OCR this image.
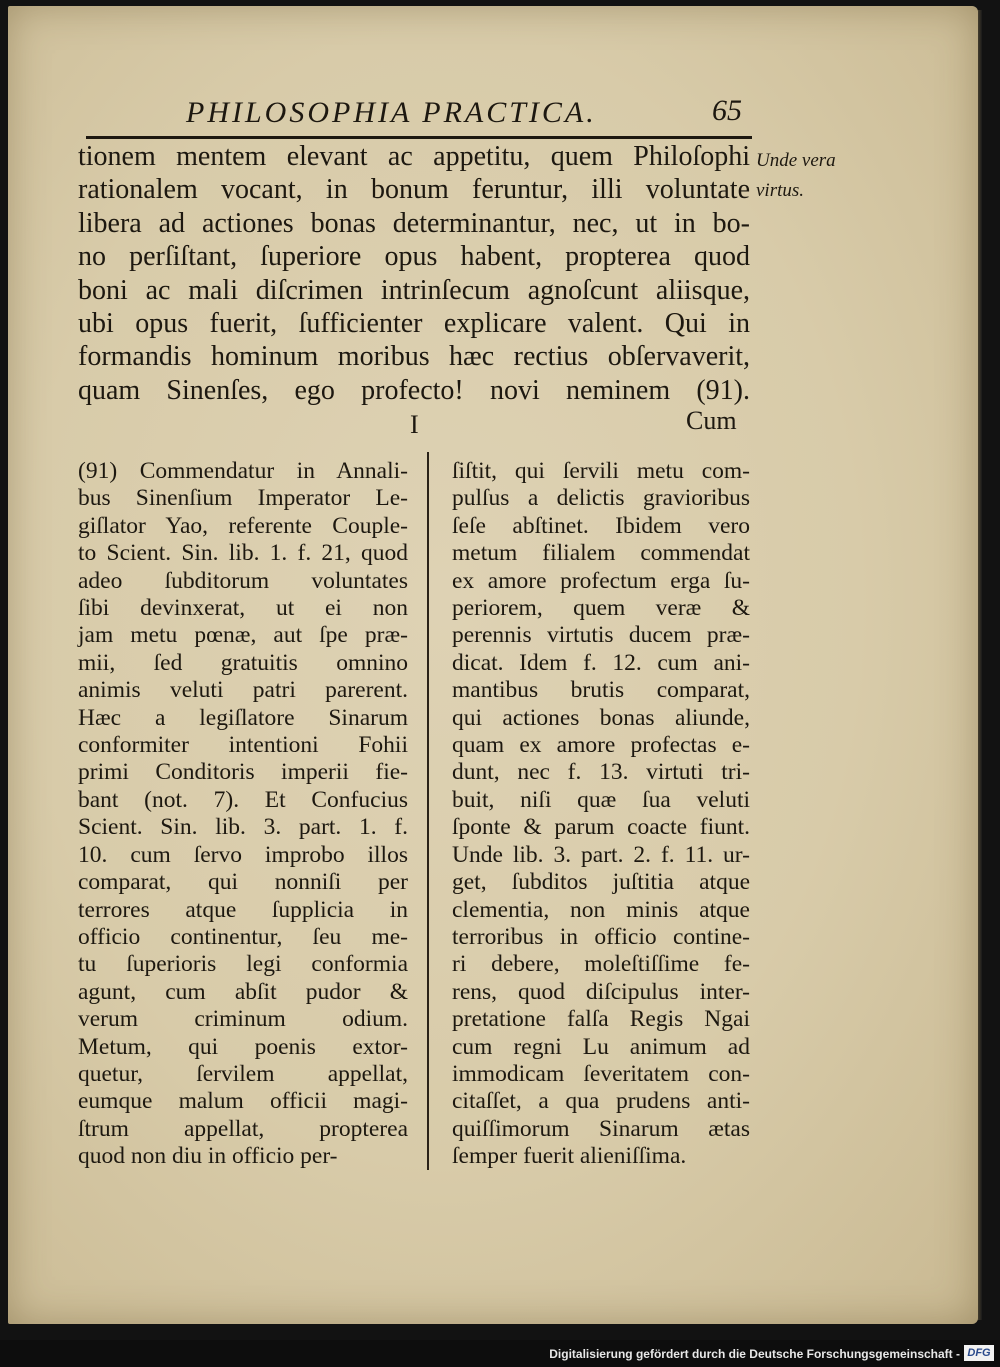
PHILOSOPHIA PRACTICA.	65
tionem mentem elevant ac appetitu, quem Philoſophi
rationalem vocant, in bonum feruntur, illi voluntate
libera ad actiones bonas determinantur, nec, ut in bo-
no perſiſtant, ſuperiore opus habent, propterea quod
boni ac mali diſcrimen intrinſecum agnoſcunt aliisque,
ubi opus fuerit, ſufficienter explicare valent. Qui in
formandis hominum moribus hæc rectius obſervaverit,
quam Sinenſes, ego profecto! novi neminem (91).
Unde vera
virtus.
I	Cum
(91) Commendatur in Annali-
bus Sinenſium Imperator Le-
giſlator Yao, referente Couple-
to Scient. Sin. lib. 1. f. 21, quod
adeo ſubditorum voluntates
ſibi devinxerat, ut ei non
jam metu pœnæ, aut ſpe præ-
mii, ſed gratuitis omnino
animis veluti patri parerent.
Hæc a legiſlatore Sinarum
conformiter intentioni Fohii
primi Conditoris imperii fie-
bant (not. 7). Et Confucius
Scient. Sin. lib. 3. part. 1. f.
10. cum ſervo improbo illos
comparat, qui nonniſi per
terrores atque ſupplicia in
officio continentur, ſeu me-
tu ſuperioris legi conformia
agunt, cum abſit pudor &
verum criminum odium.
Metum, qui poenis extor-
quetur, ſervilem appellat,
eumque malum officii magi-
ſtrum appellat, propterea
quod non diu in officio per-
ſiſtit, qui ſervili metu com-
pulſus a delictis gravioribus
ſeſe abſtinet. Ibidem vero
metum filialem commendat
ex amore profectum erga ſu-
periorem, quem veræ &
perennis virtutis ducem præ-
dicat. Idem f. 12. cum ani-
mantibus brutis comparat,
qui actiones bonas aliunde,
quam ex amore profectas e-
dunt, nec f. 13. virtuti tri-
buit, niſi quæ ſua veluti
ſponte & parum coacte fiunt.
Unde lib. 3. part. 2. f. 11. ur-
get, ſubditos juſtitia atque
clementia, non minis atque
terroribus in officio contine-
ri debere, moleſtiſſime fe-
rens, quod diſcipulus inter-
pretatione falſa Regis Ngai
cum regni Lu animum ad
immodicam ſeveritatem con-
citaſſet, a qua prudens anti-
quiſſimorum Sinarum ætas
ſemper fuerit alieniſſima.
Digitalisierung gefördert durch die Deutsche Forschungsgemeinschaft - DFG
